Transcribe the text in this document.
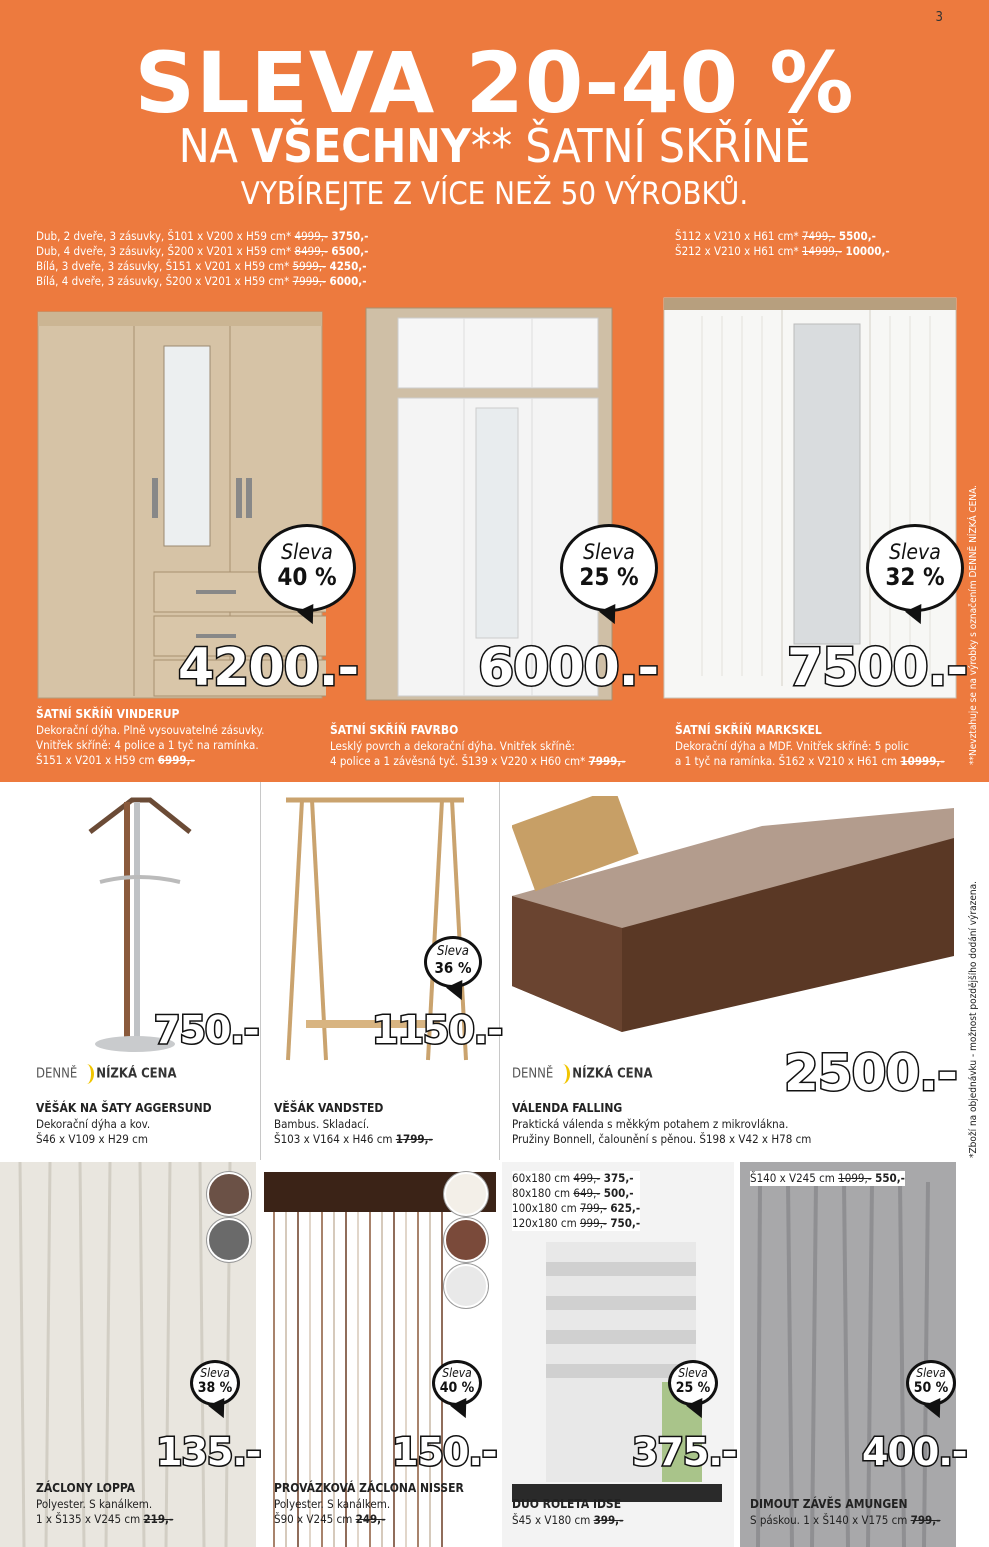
3
SLEVA 20-40 %
NA VŠECHNY** ŠATNÍ SKŘÍNĚ
VYBÍREJTE Z VÍCE NEŽ 50 VÝROBKŮ.
Dub, 2 dveře, 3 zásuvky, Š101 x V200 x H59 cm* 4999,- 3750,-
Dub, 4 dveře, 3 zásuvky, Š200 x V201 x H59 cm* 8499,- 6500,-
Bílá, 3 dveře, 3 zásuvky, Š151 x V201 x H59 cm* 5999,- 4250,-
Bílá, 4 dveře, 3 zásuvky, Š200 x V201 x H59 cm* 7999,- 6000,-
Š112 x V210 x H61 cm* 7499,- 5500,-
Š212 x V210 x H61 cm* 14999,- 10000,-
Sleva
40 %
Sleva
25 %
Sleva
32 %
4200.- 6000.- 7500.-
ŠATNÍ SKŘÍŇ VINDERUP
Dekorační dýha. Plně vysouvatelné zásuvky.
Vnitřek skříně: 4 police a 1 tyč na ramínka.
Š151 x V201 x H59 cm 6999,-
ŠATNÍ SKŘÍŇ FAVRBO
Lesklý povrch a dekorační dýha. Vnitřek skříně:
4 police a 1 závěsná tyč. Š139 x V220 x H60 cm* 7999,-
ŠATNÍ SKŘÍŇ MARKSKEL
Dekorační dýha a MDF. Vnitřek skříně: 5 polic
a 1 tyč na ramínka. Š162 x V210 x H61 cm 10999,- **Nevztahuje se na výrobky s označením DENNĚ NÍZKÁ CENA.
*Zboží na objednávku - možnost pozdějšího dodání výrazena.
Sleva
36 %
750.-	1150.-
2500.-
DENNĚ NÍZKÁ CENA	DENNĚ NÍZKÁ CENA
VĚŠÁK NA ŠATY AGGERSUND
Dekorační dýha a kov.
Š46 x V109 x H29 cm
VĚŠÁK VANDSTED
Bambus. Skladací.
Š103 x V164 x H46 cm 1799,-
VÁLENDA FALLING
Praktická válenda s měkkým potahem z mikrovlákna.
Pružiny Bonnell, čalounění s pěnou. Š198 x V42 x H78 cm
60x180 cm 499,- 375,-
80x180 cm 649,- 500,-
100x180 cm 799,- 625,-
120x180 cm 999,- 750,-
Š140 x V245 cm 1099,- 550,-
Sleva
38 %
Sleva
40 %
Sleva
25 %
Sleva
50 %
135.-	150.-	375.-	400.-
ZÁCLONY LOPPA
Polyester. S kanálkem.
1 x Š135 x V245 cm 219,-
PROVÁZKOVÁ ZÁCLONA NISSER
Polyester. S kanálkem.
Š90 x V245 cm 249,-
DUO ROLETA IDSE
Š45 x V180 cm 399,-
DIMOUT ZÁVĚS AMUNGEN
S páskou. 1 x Š140 x V175 cm 799,-
